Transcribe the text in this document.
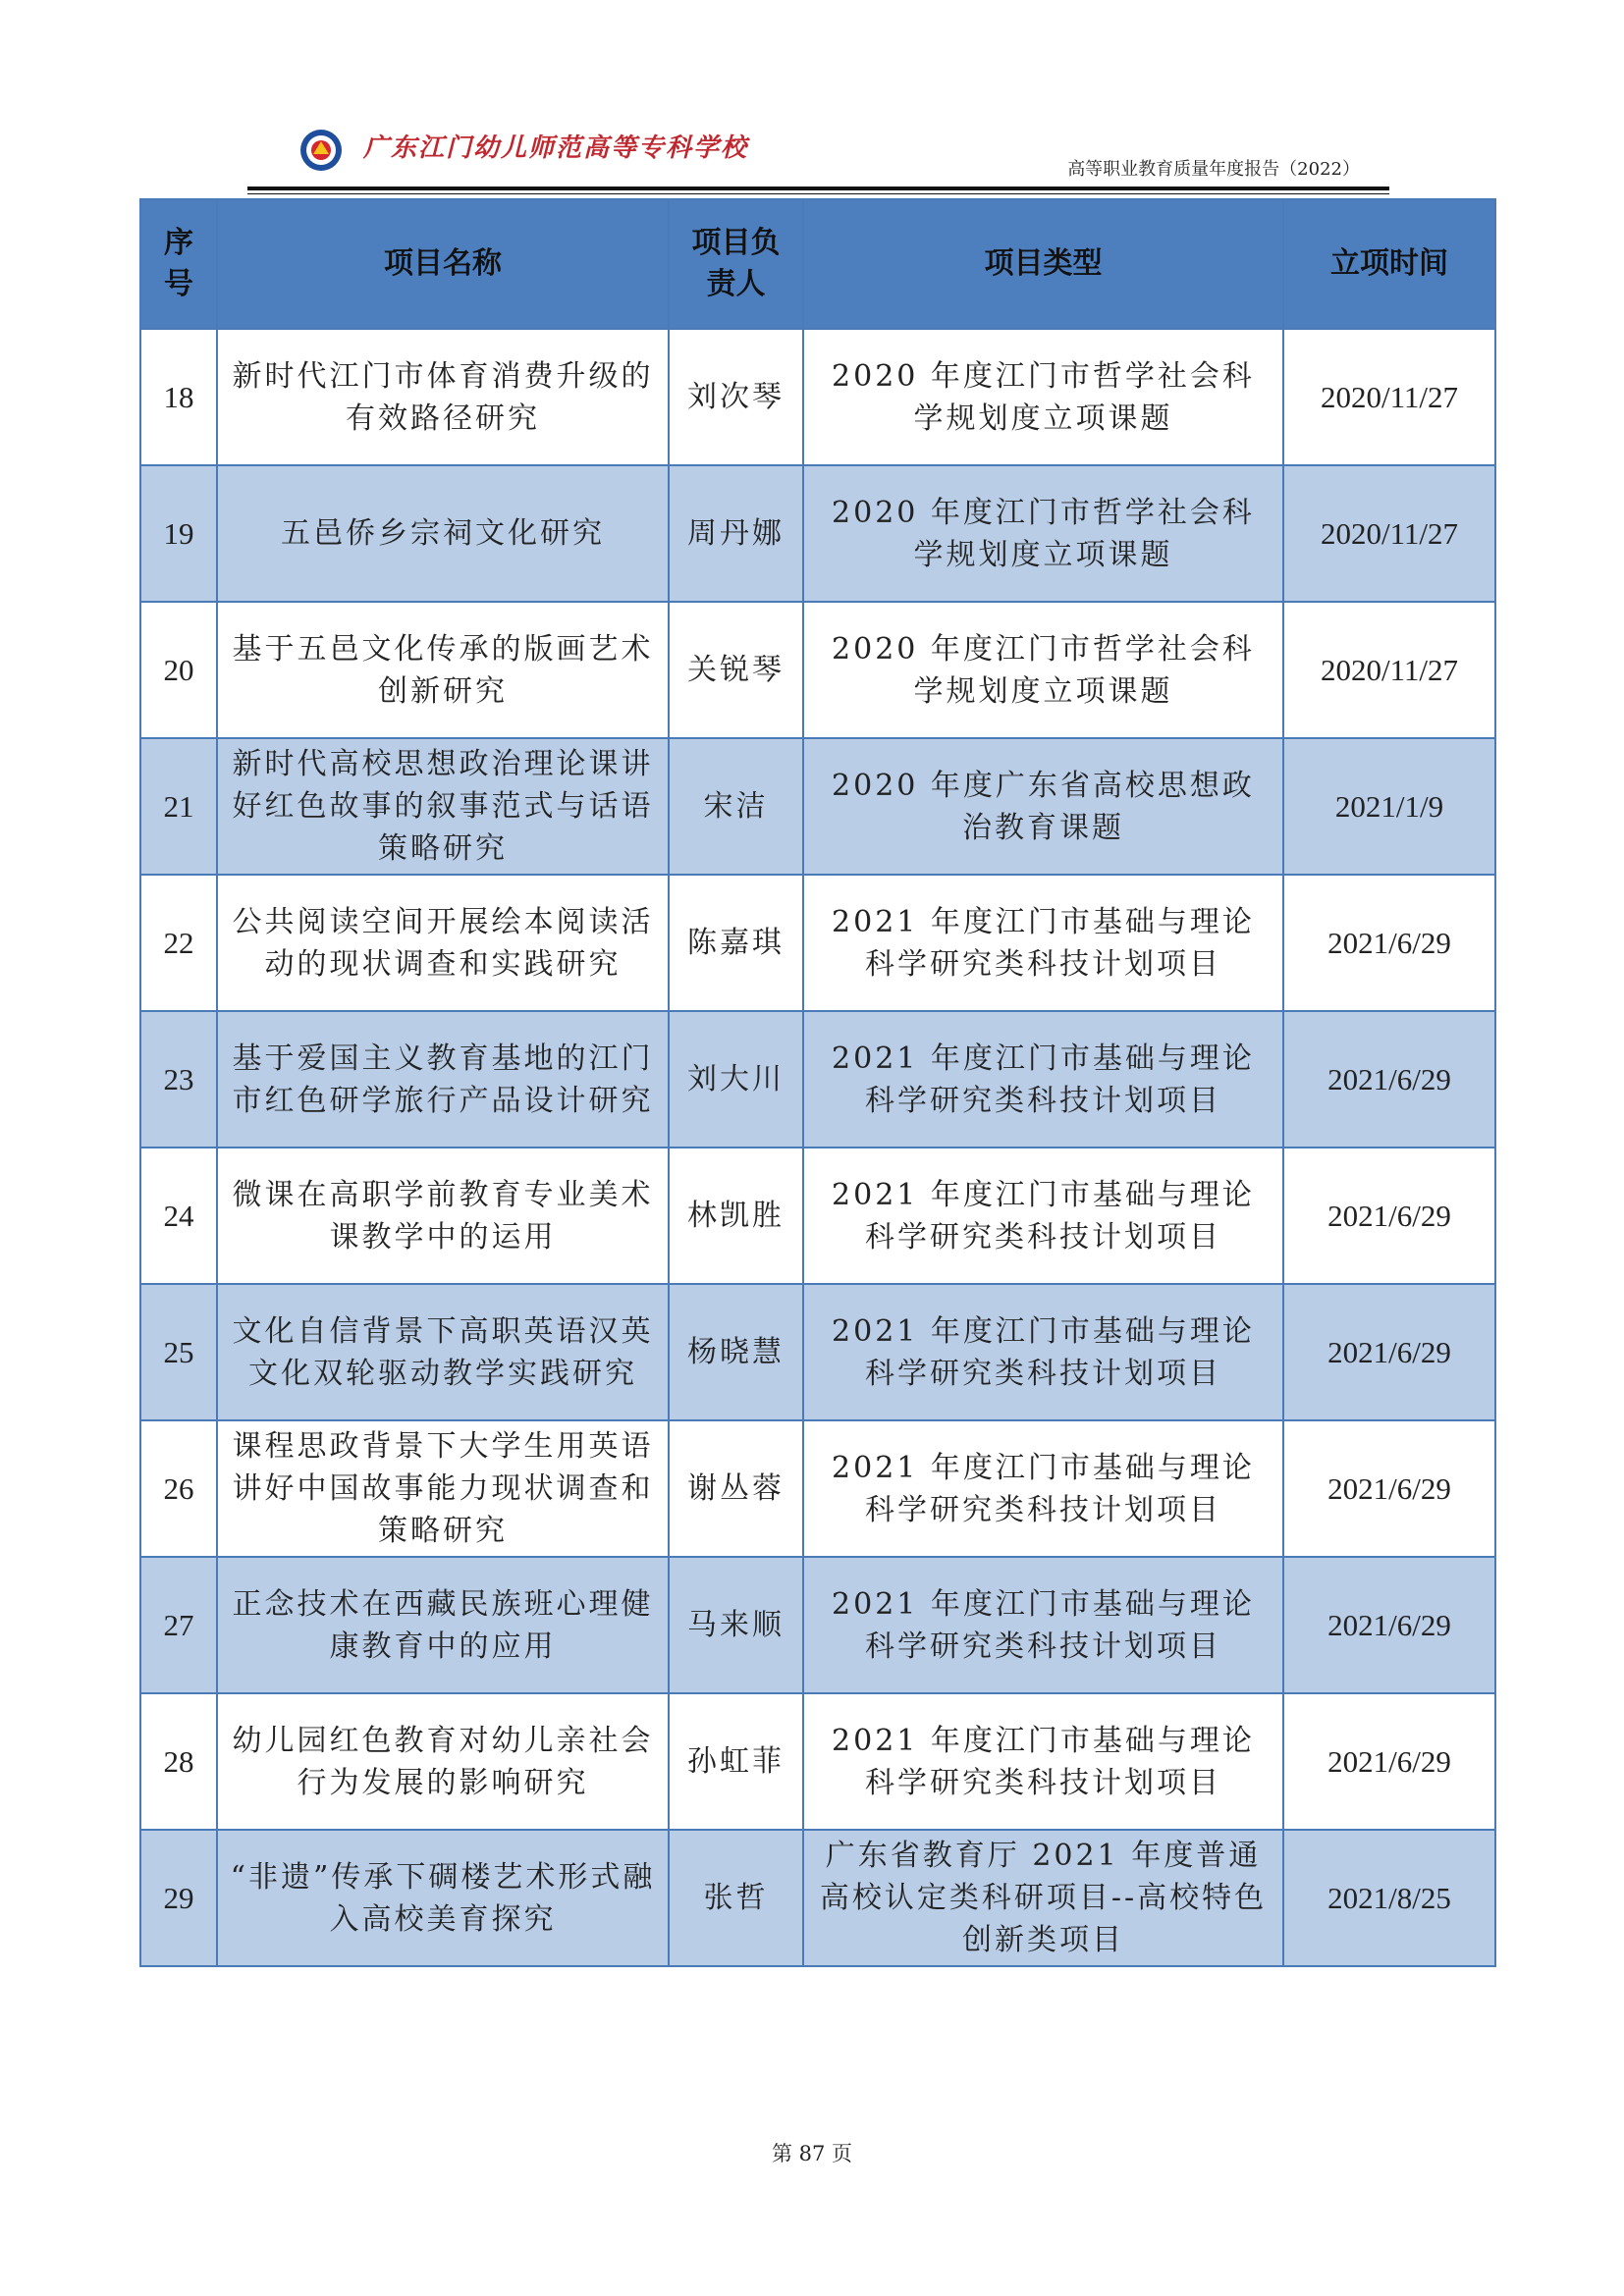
广东江门幼儿师范高等专科学校
高等职业教育质量年度报告（2022）
序号	项目名称	项目负责人	项目类型	立项时间
18	新时代江门市体育消费升级的有效路径研究	刘次琴	2020 年度江门市哲学社会科学规划度立项课题	2020/11/27
19	五邑侨乡宗祠文化研究	周丹娜	2020 年度江门市哲学社会科学规划度立项课题	2020/11/27
20	基于五邑文化传承的版画艺术创新研究	关锐琴	2020 年度江门市哲学社会科学规划度立项课题	2020/11/27
21	新时代高校思想政治理论课讲好红色故事的叙事范式与话语策略研究	宋洁	2020 年度广东省高校思想政治教育课题	2021/1/9
22	公共阅读空间开展绘本阅读活动的现状调查和实践研究	陈嘉琪	2021 年度江门市基础与理论科学研究类科技计划项目	2021/6/29
23	基于爱国主义教育基地的江门市红色研学旅行产品设计研究	刘大川	2021 年度江门市基础与理论科学研究类科技计划项目	2021/6/29
24	微课在高职学前教育专业美术课教学中的运用	林凯胜	2021 年度江门市基础与理论科学研究类科技计划项目	2021/6/29
25	文化自信背景下高职英语汉英文化双轮驱动教学实践研究	杨晓慧	2021 年度江门市基础与理论科学研究类科技计划项目	2021/6/29
26	课程思政背景下大学生用英语讲好中国故事能力现状调查和策略研究	谢丛蓉	2021 年度江门市基础与理论科学研究类科技计划项目	2021/6/29
27	正念技术在西藏民族班心理健康教育中的应用	马来顺	2021 年度江门市基础与理论科学研究类科技计划项目	2021/6/29
28	幼儿园红色教育对幼儿亲社会行为发展的影响研究	孙虹菲	2021 年度江门市基础与理论科学研究类科技计划项目	2021/6/29
29	“非遗”传承下碉楼艺术形式融入高校美育探究	张哲	广东省教育厅 2021 年度普通高校认定类科研项目--高校特色创新类项目	2021/8/25
第 87 页
